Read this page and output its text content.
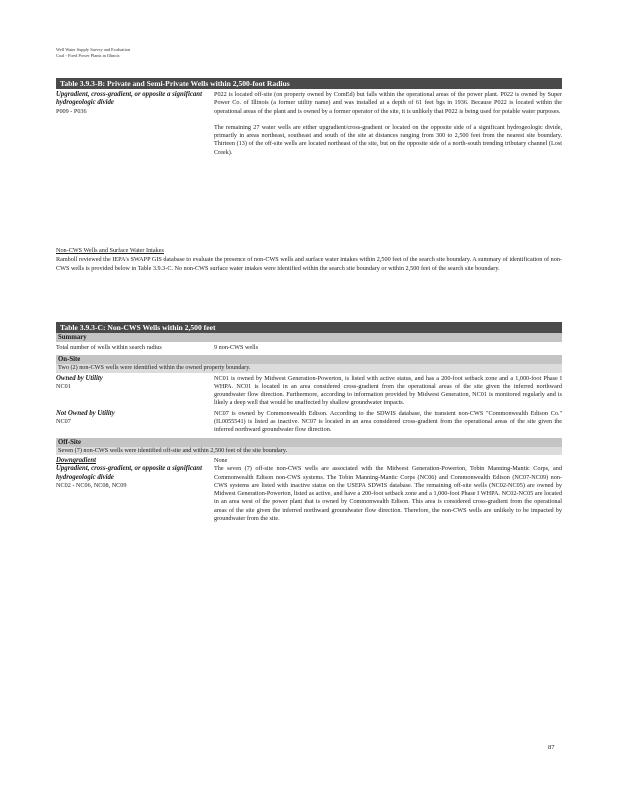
Well Water Supply Survey and Evaluation
Coal - Fired Power Plants in Illinois
Table 3.9.3-B: Private and Semi-Private Wells within 2,500-foot Radius
Upgradient, cross-gradient, or opposite a significant hydrogeologic divide
P009 - P036
P022 is located off-site (on property owned by ComEd) but falls within the operational areas of the power plant. P022 is owned by Super Power Co. of Illinois (a former utility name) and was installed at a depth of 61 feet bgs in 1936. Because P022 is located within the operational areas of the plant and is owned by a former operator of the site, it is unlikely that P022 is being used for potable water purposes.
The remaining 27 water wells are either upgradient/cross-gradient or located on the opposite side of a significant hydrogeologic divide, primarily in areas northeast, southeast and south of the site at distances ranging from 300 to 2,500 feet from the nearest site boundary. Thirteen (13) of the off-site wells are located northeast of the site, but on the opposite side of a north-south trending tributary channel (Lost Creek).
Non-CWS Wells and Surface Water Intakes
Ramboll reviewed the IEPA's SWAPP GIS database to evaluate the presence of non-CWS wells and surface water intakes within 2,500 feet of the search site boundary. A summary of identification of non-CWS wells is provided below in Table 3.9.3-C. No non-CWS surface water intakes were identified within the search site boundary or within 2,500 feet of the search site boundary.
Table 3.9.3-C: Non-CWS Wells within 2,500 feet
Summary
Total number of wells within search radius	9 non-CWS wells
On-Site
Two (2) non-CWS wells were identified within the owned property boundary.
Owned by Utility
NC01
NC01 is owned by Midwest Generation-Powerton, is listed with active status, and has a 200-foot setback zone and a 1,000-foot Phase I WHPA. NC01 is located in an area considered cross-gradient from the operational areas of the site given the inferred northward groundwater flow direction. Furthermore, according to information provided by Midwest Generation, NC01 is monitored regularly and is likely a deep well that would be unaffected by shallow groundwater impacts.
Not Owned by Utility
NC07
NC07 is owned by Commonwealth Edison. According to the SDWIS database, the transient non-CWS "Commonwealth Edison Co." (IL0055541) is listed as inactive. NC07 is located in an area considered cross-gradient from the operational areas of the site given the inferred northward groundwater flow direction.
Off-Site
Seven (7) non-CWS wells were identified off-site and within 2,500 feet of the site boundary.
Downgradient	None
Upgradient, cross-gradient, or opposite a significant hydrogeologic divide
NC02 - NC06, NC08, NC09
The seven (7) off-site non-CWS wells are associated with the Midwest Generation-Powerton, Tobin Manning-Mantic Corps, and Commonwealth Edison non-CWS systems. The Tobin Manning-Mantic Corps (NC06) and Commonwealth Edison (NC07-NC09) non-CWS systems are listed with inactive status on the USEPA SDWIS database. The remaining off-site wells (NC02-NC05) are owned by Midwest Generation-Powerton, listed as active, and have a 200-foot setback zone and a 1,000-foot Phase I WHPA. NC02-NC05 are located in an area west of the power plant that is owned by Commonwealth Edison. This area is considered cross-gradient from the operational areas of the site given the inferred northward groundwater flow direction. Therefore, the non-CWS wells are unlikely to be impacted by groundwater from the site.
87
